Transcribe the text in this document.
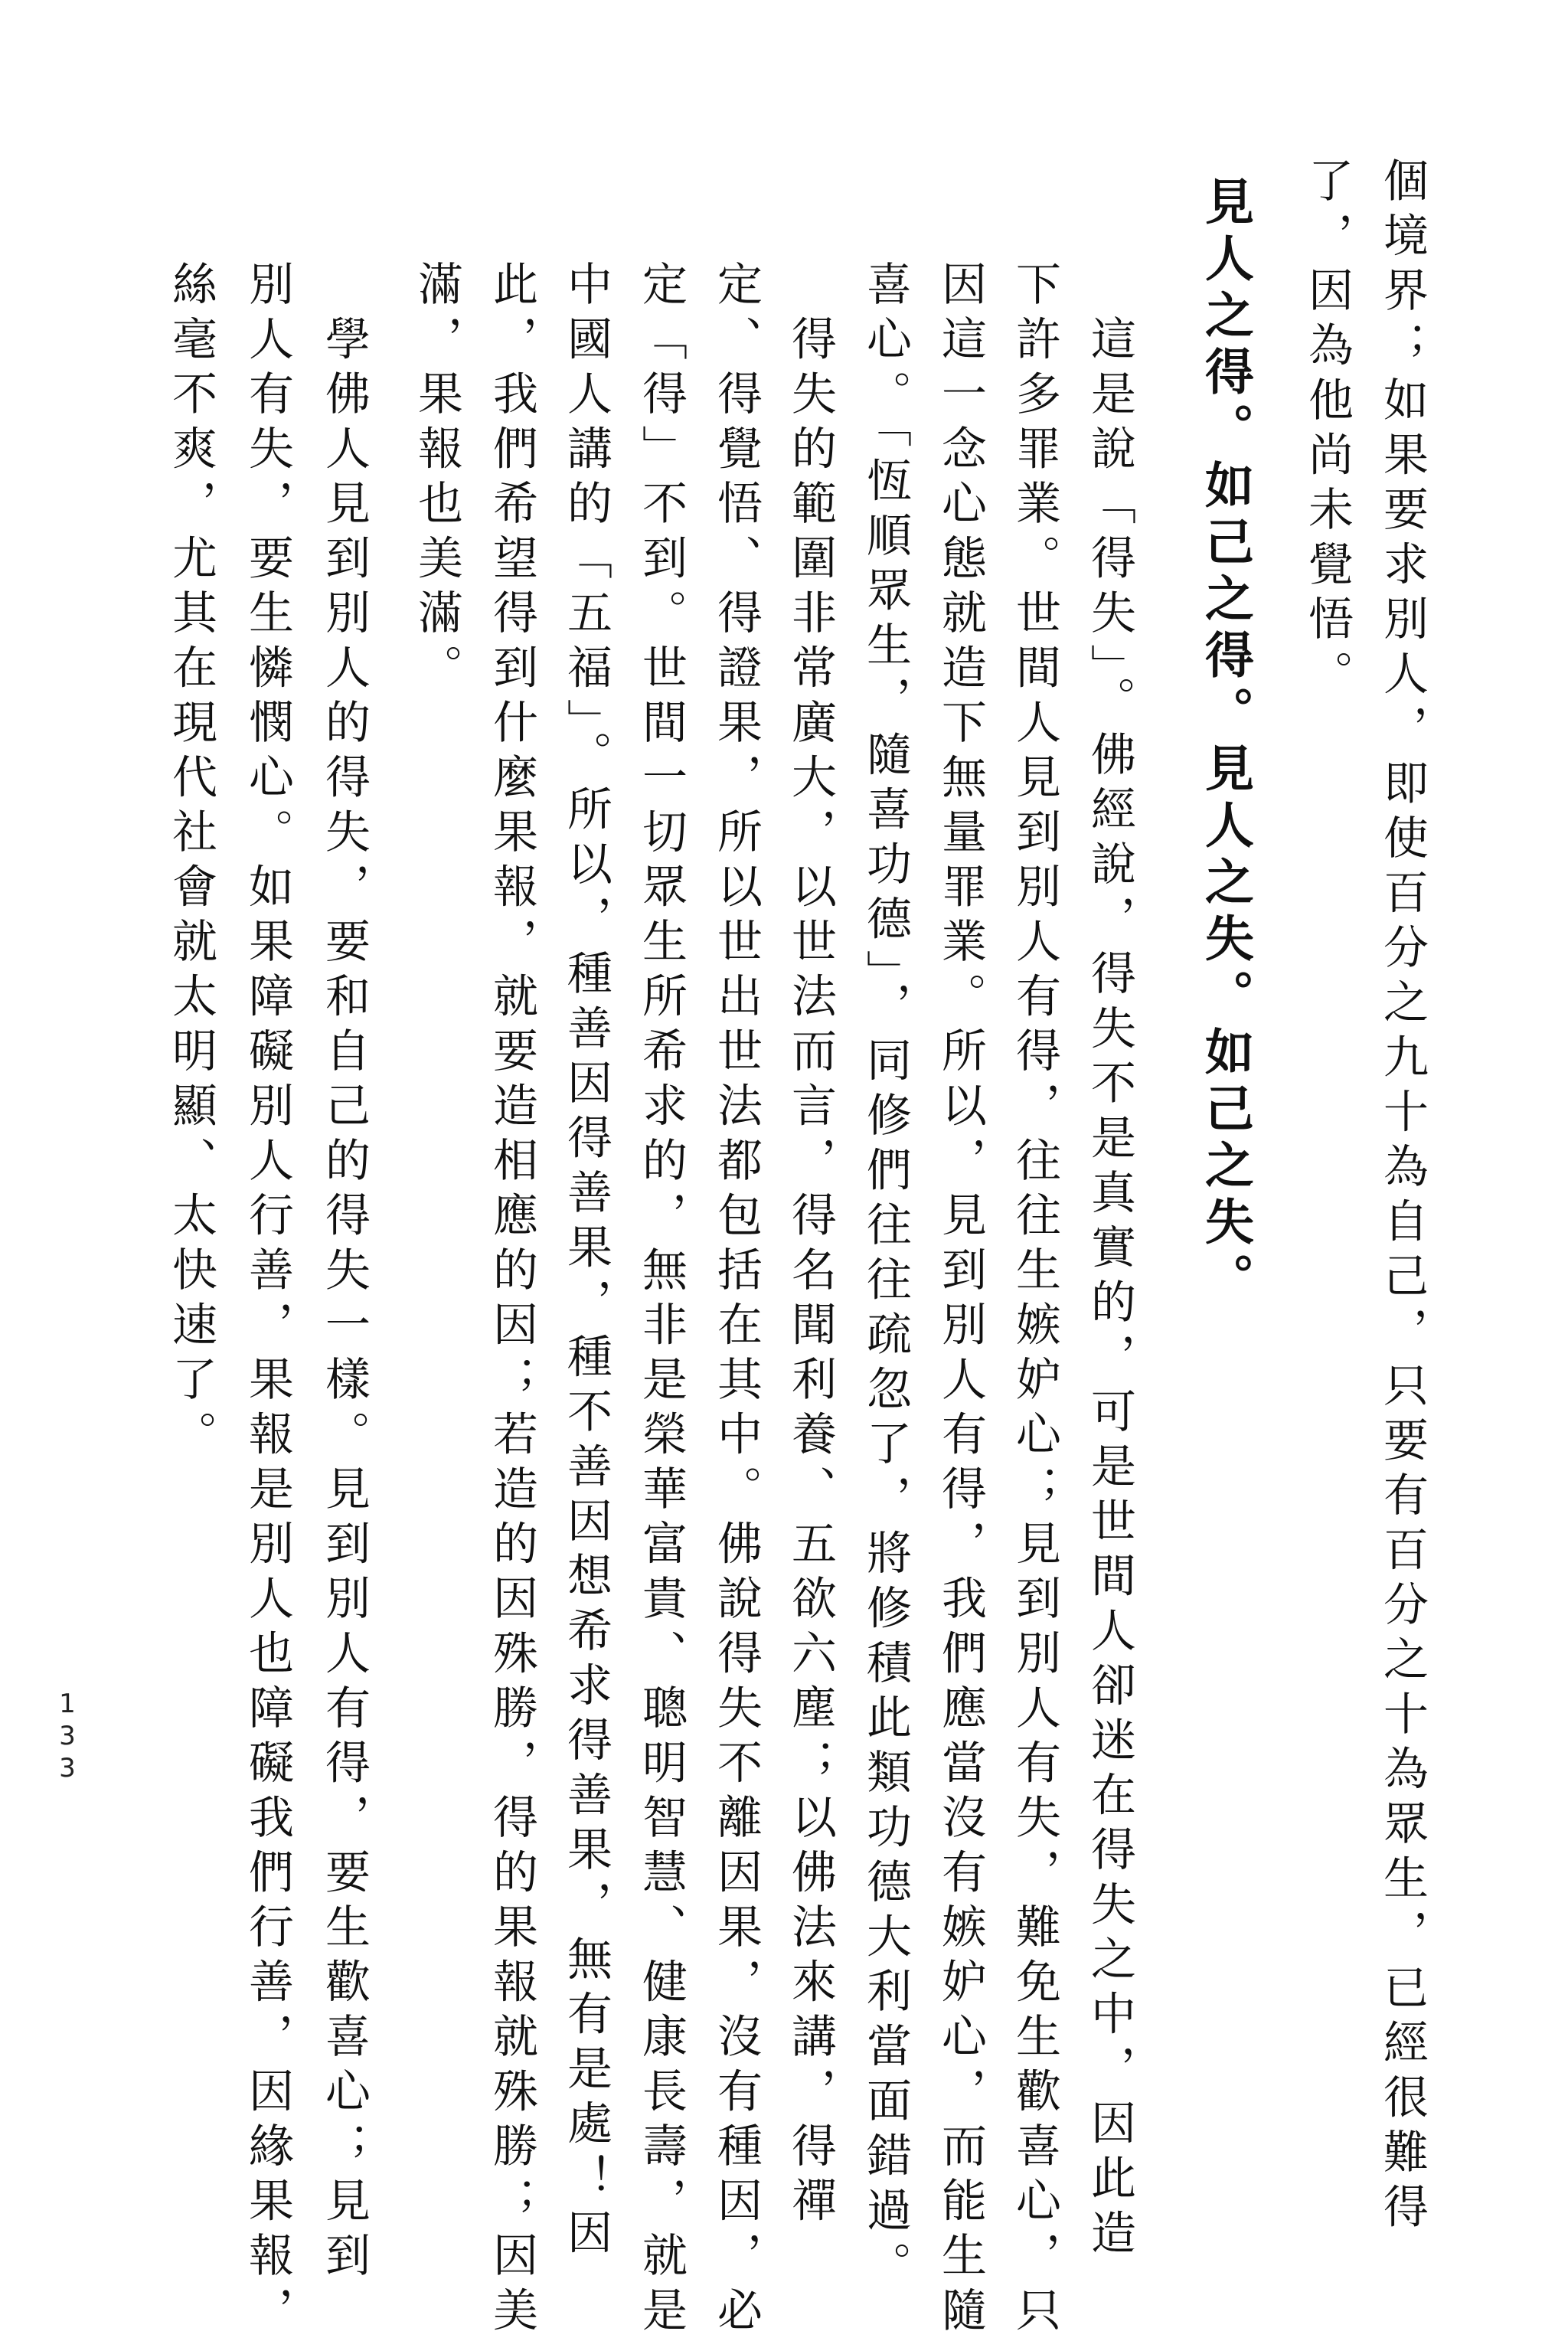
個境界；如果要求別人，即使百分之九十為自己，只要有百分之十為眾生，已經很難得
了，因為他尚未覺悟。
見人之得。如己之得。見人之失。如己之失。
　這是說「得失」。佛經說，得失不是真實的，可是世間人卻迷在得失之中，因此造
下許多罪業。世間人見到別人有得，往往生嫉妒心；見到別人有失，難免生歡喜心，只
因這一念心態就造下無量罪業。所以，見到別人有得，我們應當沒有嫉妒心，而能生隨
喜心。「恆順眾生，隨喜功德」，同修們往往疏忽了，將修積此類功德大利當面錯過。
　得失的範圍非常廣大，以世法而言，得名聞利養、五欲六塵；以佛法來講，得禪
定、得覺悟、得證果，所以世出世法都包括在其中。佛說得失不離因果，沒有種因，必
定「得」不到。世間一切眾生所希求的，無非是榮華富貴、聰明智慧、健康長壽，就是
中國人講的「五福」。所以，種善因得善果，種不善因想希求得善果，無有是處！因
此，我們希望得到什麼果報，就要造相應的因；若造的因殊勝，得的果報就殊勝；因美
滿，果報也美滿。
　學佛人見到別人的得失，要和自己的得失一樣。見到別人有得，要生歡喜心；見到
別人有失，要生憐憫心。如果障礙別人行善，果報是別人也障礙我們行善，因緣果報，
絲毫不爽，尤其在現代社會就太明顯、太快速了。
133
